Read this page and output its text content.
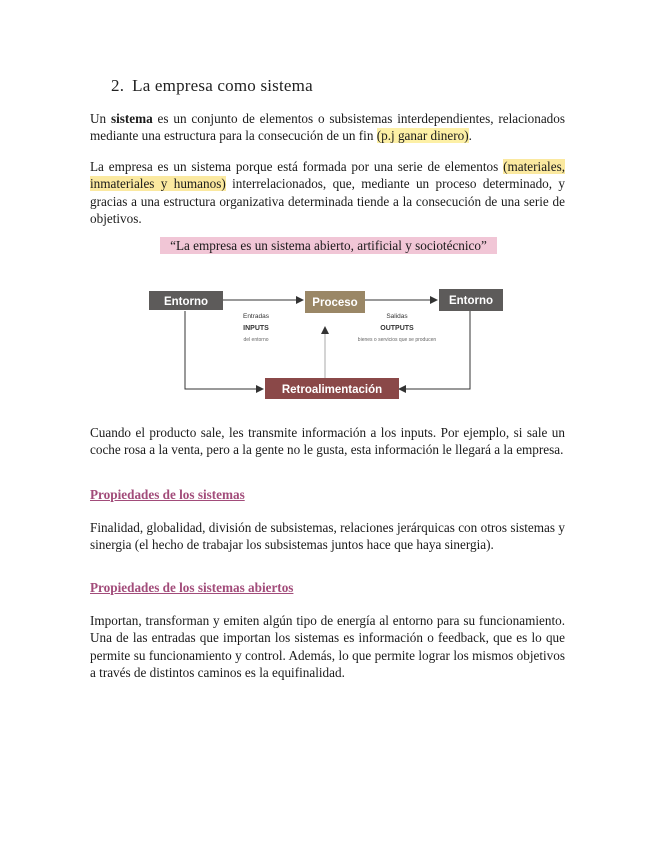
2. La empresa como sistema

Un sistema es un conjunto de elementos o subsistemas interdependientes, relacionados mediante una estructura para la consecución de un fin (p.j ganar dinero).

La empresa es un sistema porque está formada por una serie de elementos (materiales, inmateriales y humanos) interrelacionados, que, mediante un proceso determinado, y gracias a una estructura organizativa determinada tiende a la consecución de una serie de objetivos.

“La empresa es un sistema abierto, artificial y sociotécnico”
Entorno	Proceso	Entorno
Retroalimentación
Entradas
INPUTS
del entorno
Salidas
OUTPUTS
bienes o servicios que se producen

Cuando el producto sale, les transmite información a los inputs. Por ejemplo, si sale un coche rosa a la venta, pero a la gente no le gusta, esta información le llegará a la empresa.

Propiedades de los sistemas

Finalidad, globalidad, división de subsistemas, relaciones jerárquicas con otros sistemas y sinergia (el hecho de trabajar los subsistemas juntos hace que haya sinergia).

Propiedades de los sistemas abiertos

Importan, transforman y emiten algún tipo de energía al entorno para su funcionamiento. Una de las entradas que importan los sistemas es información o feedback, que es lo que permite su funcionamiento y control. Además, lo que permite lograr los mismos objetivos a través de distintos caminos es la equifinalidad.
